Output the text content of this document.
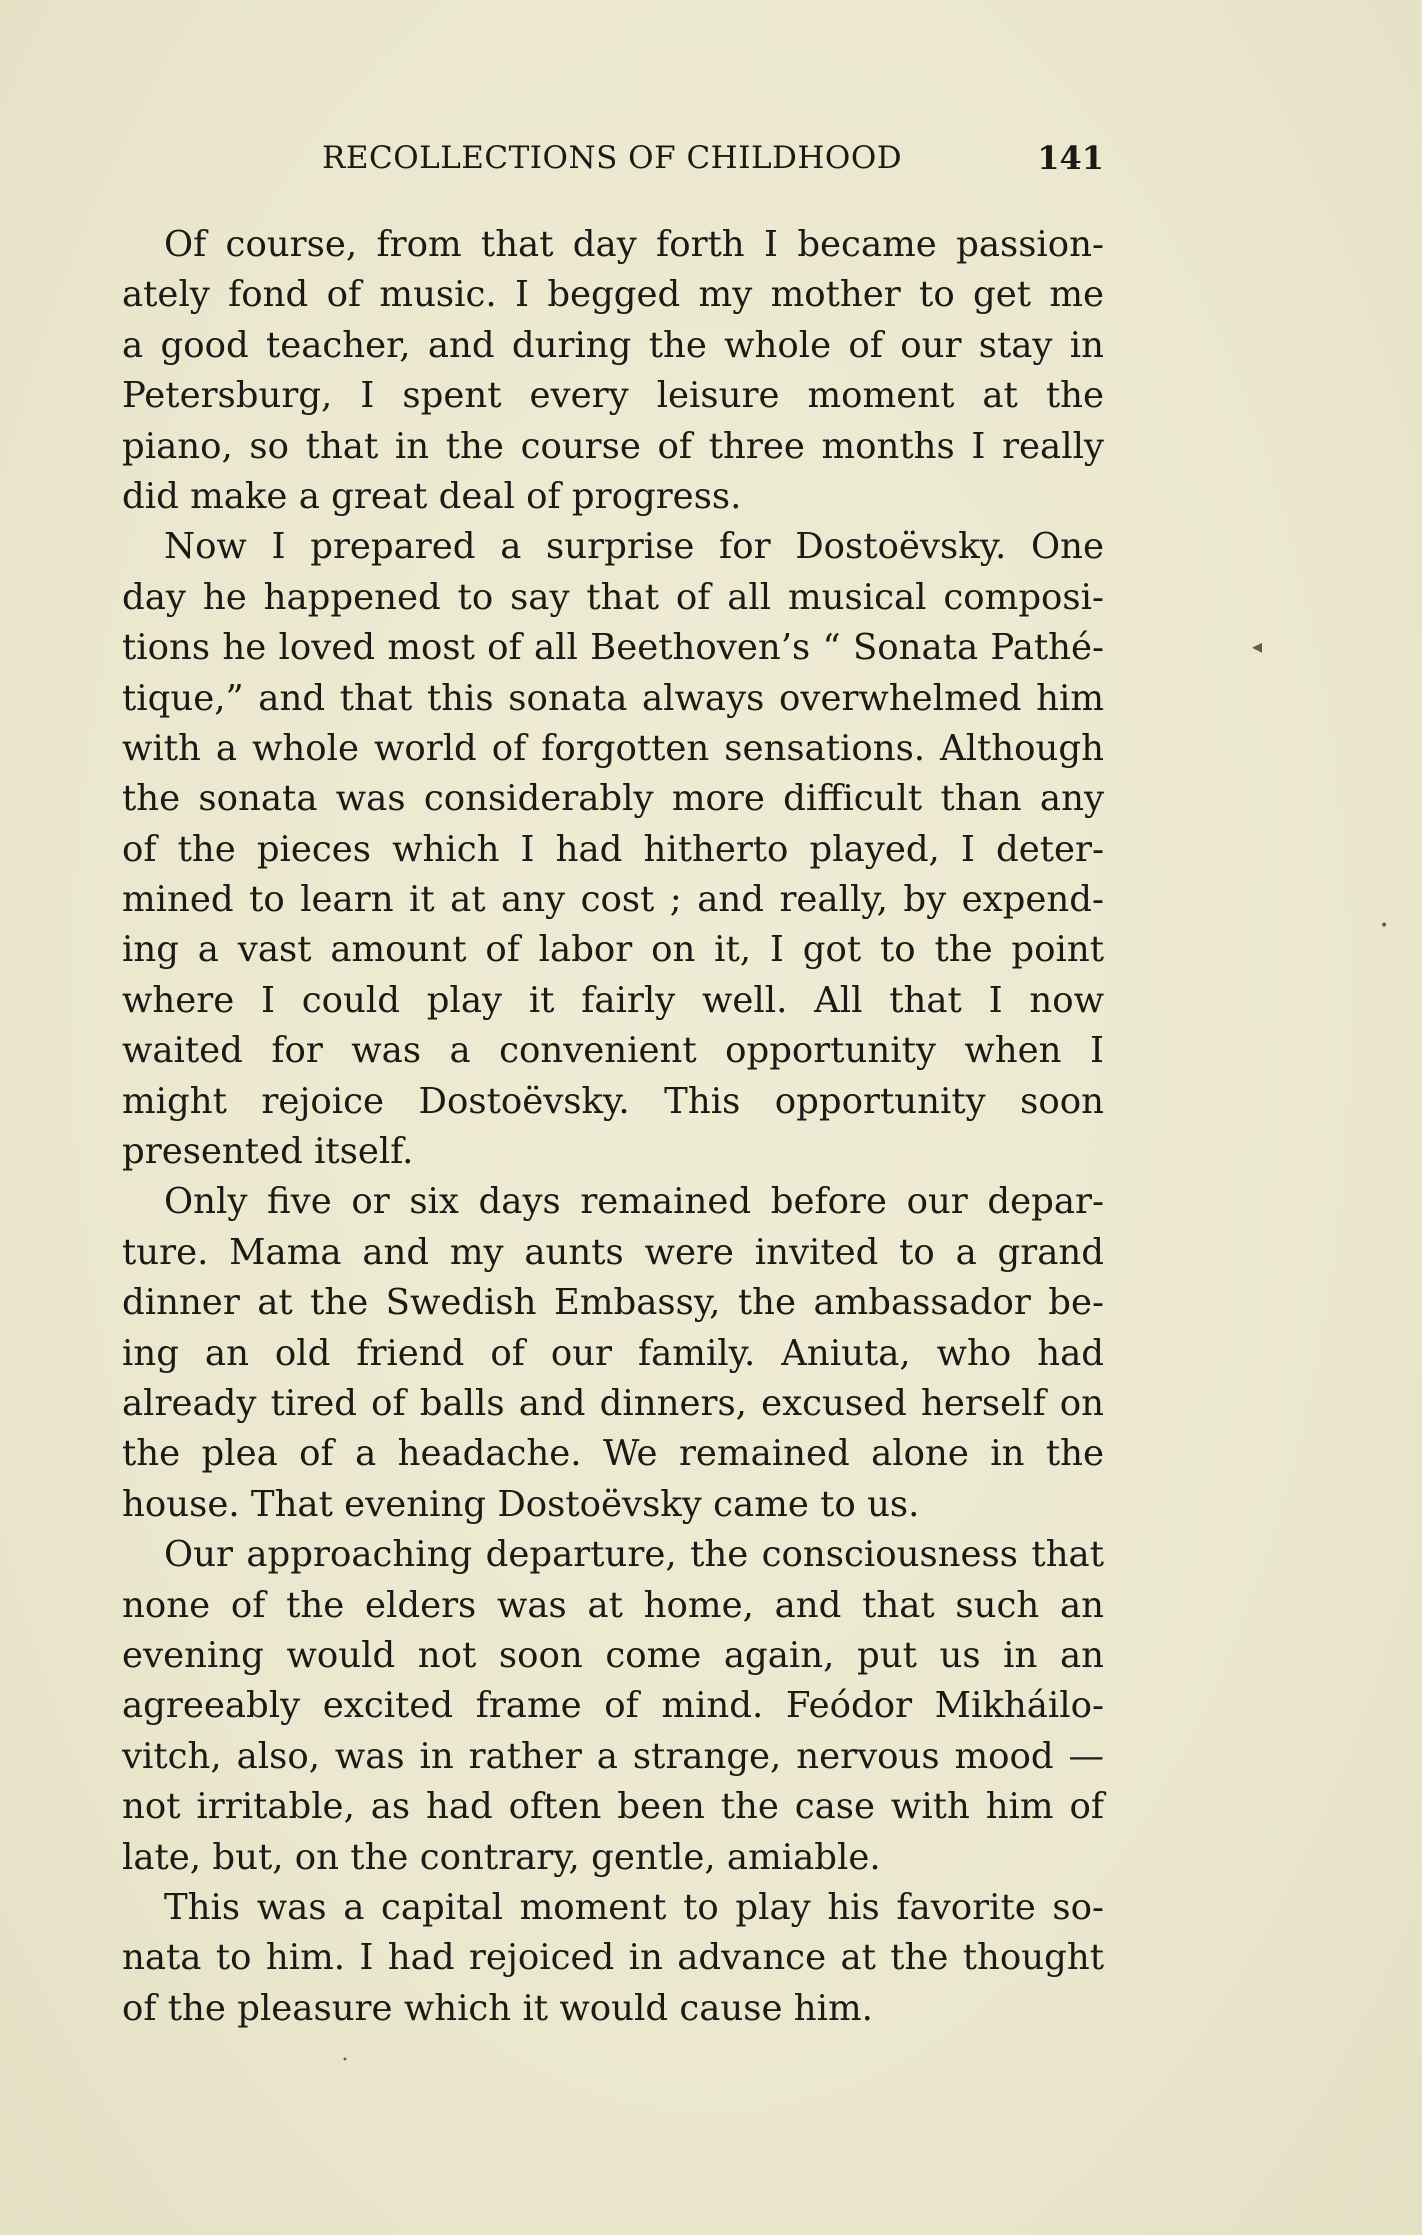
RECOLLECTIONS OF CHILDHOOD	141
Of course, from that day forth I became passion-
ately fond of music. I begged my mother to get me
a good teacher, and during the whole of our stay in
Petersburg, I spent every leisure moment at the
piano, so that in the course of three months I really
did make a great deal of progress.
Now I prepared a surprise for Dostoëvsky. One
day he happened to say that of all musical composi-
tions he loved most of all Beethoven’s “ Sonata Pathé-
tique,” and that this sonata always overwhelmed him
with a whole world of forgotten sensations. Although
the sonata was considerably more difficult than any
of the pieces which I had hitherto played, I deter-
mined to learn it at any cost ; and really, by expend-
ing a vast amount of labor on it, I got to the point
where I could play it fairly well. All that I now
waited for was a convenient opportunity when I
might rejoice Dostoëvsky. This opportunity soon
presented itself.
Only five or six days remained before our depar-
ture. Mama and my aunts were invited to a grand
dinner at the Swedish Embassy, the ambassador be-
ing an old friend of our family. Aniuta, who had
already tired of balls and dinners, excused herself on
the plea of a headache. We remained alone in the
house. That evening Dostoëvsky came to us.
Our approaching departure, the consciousness that
none of the elders was at home, and that such an
evening would not soon come again, put us in an
agreeably excited frame of mind. Feódor Mikháilo-
vitch, also, was in rather a strange, nervous mood —
not irritable, as had often been the case with him of
late, but, on the contrary, gentle, amiable.
This was a capital moment to play his favorite so-
nata to him. I had rejoiced in advance at the thought
of the pleasure which it would cause him.
◂
•
•
